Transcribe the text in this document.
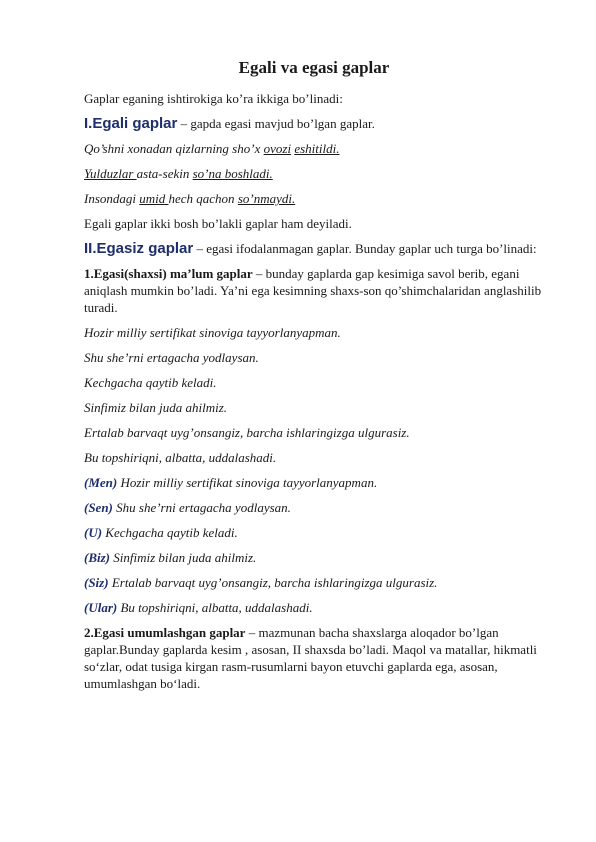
Egali va egasi gaplar

Gaplar eganing ishtirokiga ko’ra ikkiga bo’linadi:

I.Egali gaplar – gapda egasi mavjud bo’lgan gaplar.

Qo’shni xonadan qizlarning sho’x ovozi eshitildi.

Yulduzlar asta-sekin so’na boshladi.

Insondagi umid hech qachon so’nmaydi.

Egali gaplar ikki bosh bo’lakli gaplar ham deyiladi.

II.Egasiz gaplar – egasi ifodalanmagan gaplar. Bunday gaplar uch turga bo’linadi:

1.Egasi(shaxsi) ma’lum gaplar – bunday gaplarda gap kesimiga savol berib, egani aniqlash mumkin bo’ladi. Ya’ni ega kesimning shaxs-son qo’shimchalaridan anglashilib turadi.

Hozir milliy sertifikat sinoviga tayyorlanyapman.

Shu she’rni ertagacha yodlaysan.

Kechgacha qaytib keladi.

Sinfimiz bilan juda ahilmiz.

Ertalab barvaqt uyg’onsangiz, barcha ishlaringizga ulgurasiz.

Bu topshiriqni, albatta, uddalashadi.

(Men) Hozir milliy sertifikat sinoviga tayyorlanyapman.

(Sen) Shu she’rni ertagacha yodlaysan.

(U) Kechgacha qaytib keladi.

(Biz) Sinfimiz bilan juda ahilmiz.

(Siz) Ertalab barvaqt uyg’onsangiz, barcha ishlaringizga ulgurasiz.

(Ular) Bu topshiriqni, albatta, uddalashadi.

2.Egasi umumlashgan gaplar – mazmunan bacha shaxslarga aloqador bo’lgan gaplar.Bunday gaplarda kesim , asosan, II shaxsda bo’ladi. Maqol va matallar, hikmatli so‘zlar, odat tusiga kirgan rasm-rusumlarni bayon etuvchi gaplarda ega, asosan, umumlashgan bo‘ladi.
